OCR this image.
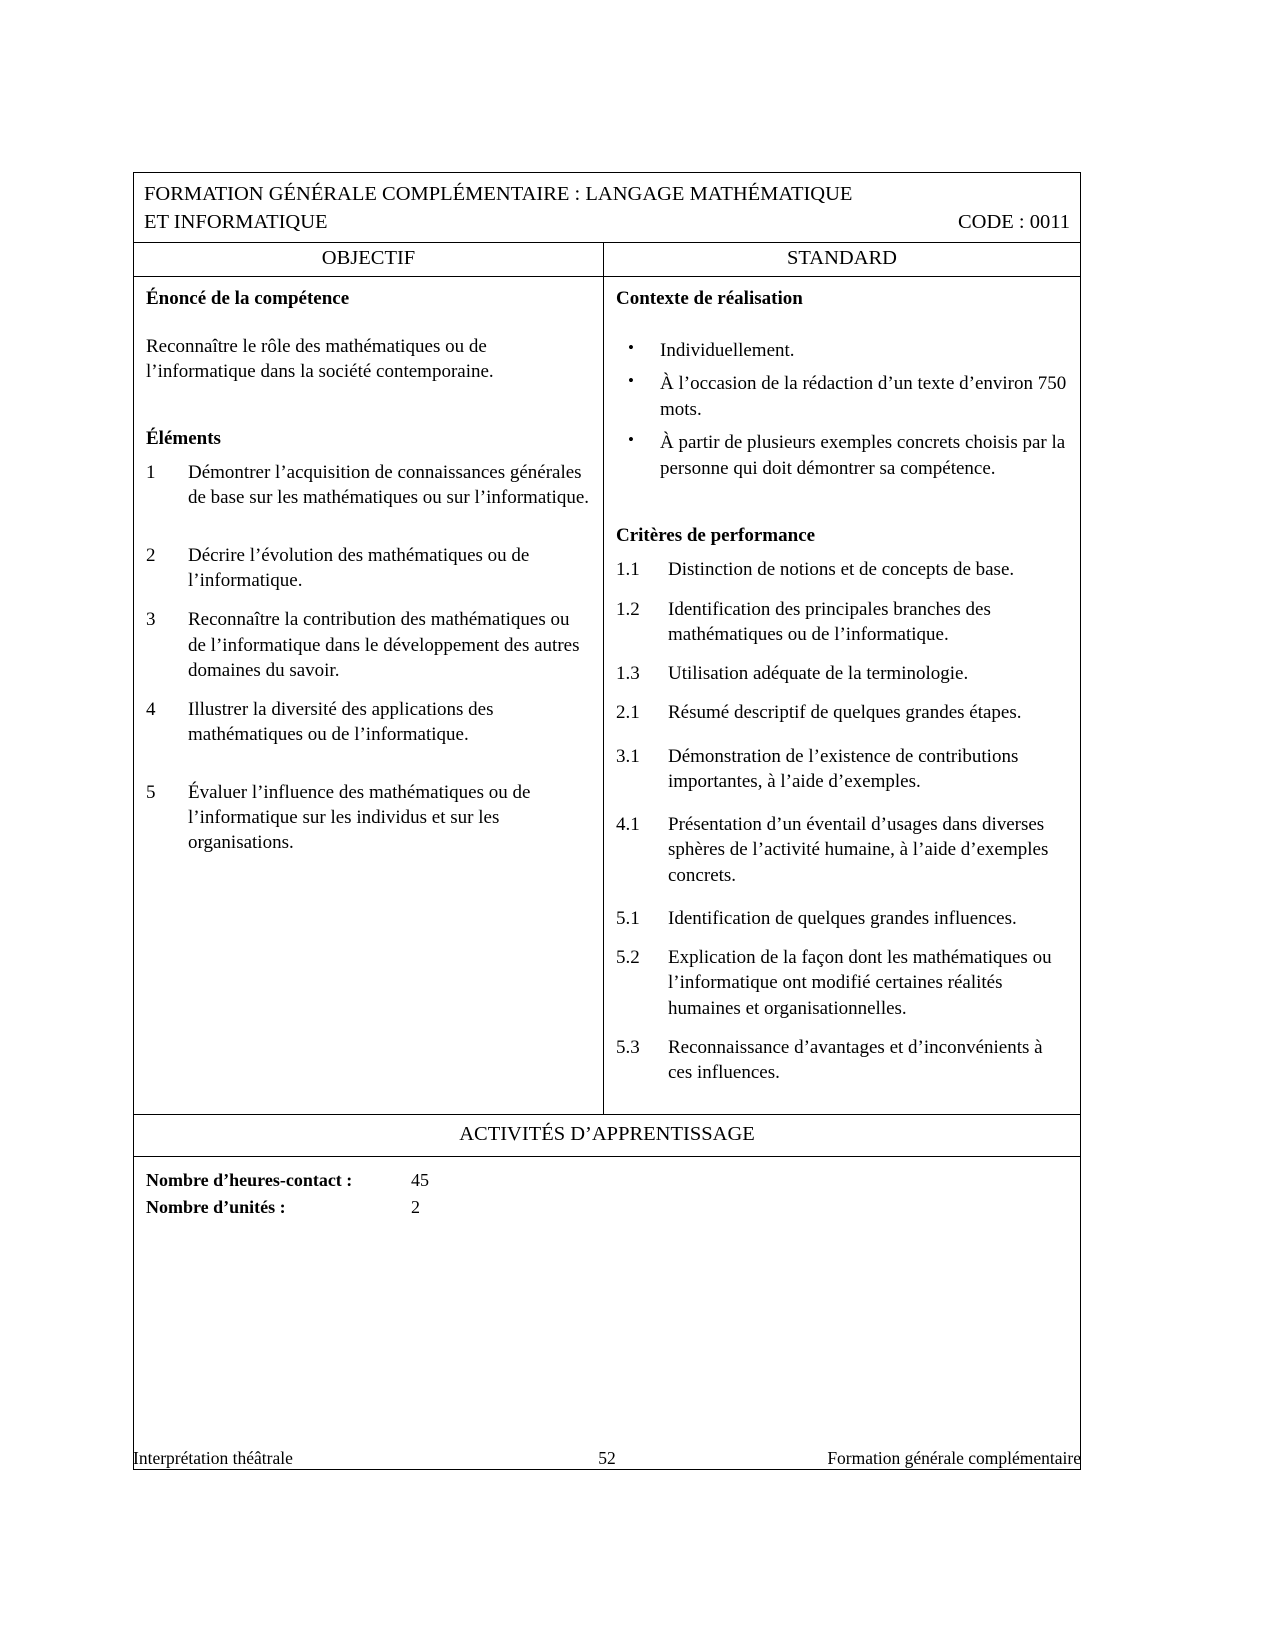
FORMATION GÉNÉRALE COMPLÉMENTAIRE : LANGAGE MATHÉMATIQUE
ET INFORMATIQUE	CODE : 0011
OBJECTIF	STANDARD
Énoncé de la compétence

Reconnaître le rôle des mathématiques ou de l’informatique dans la société contemporaine.

Éléments
1	Démontrer l’acquisition de connaissances générales de base sur les mathématiques ou sur l’informatique.
2	Décrire l’évolution des mathématiques ou de l’informatique.
3	Reconnaître la contribution des mathématiques ou de l’informatique dans le développement des autres domaines du savoir.
4	Illustrer la diversité des applications des mathématiques ou de l’informatique.
5	Évaluer l’influence des mathématiques ou de l’informatique sur les individus et sur les organisations.
Contexte de réalisation
• Individuellement.
• À l’occasion de la rédaction d’un texte d’environ 750 mots.
• À partir de plusieurs exemples concrets choisis par la personne qui doit démontrer sa compétence.
Critères de performance
1.1	Distinction de notions et de concepts de base.
1.2	Identification des principales branches des mathématiques ou de l’informatique.
1.3	Utilisation adéquate de la terminologie.
2.1	Résumé descriptif de quelques grandes étapes.
3.1	Démonstration de l’existence de contributions importantes, à l’aide d’exemples.
4.1	Présentation d’un éventail d’usages dans diverses sphères de l’activité humaine, à l’aide d’exemples concrets.
5.1	Identification de quelques grandes influences.
5.2	Explication de la façon dont les mathématiques ou l’informatique ont modifié certaines réalités humaines et organisationnelles.
5.3	Reconnaissance d’avantages et d’inconvénients à ces influences.
ACTIVITÉS D’APPRENTISSAGE
Nombre d’heures-contact :	45
Nombre d’unités :	2
Interprétation théâtrale	52	Formation générale complémentaire
